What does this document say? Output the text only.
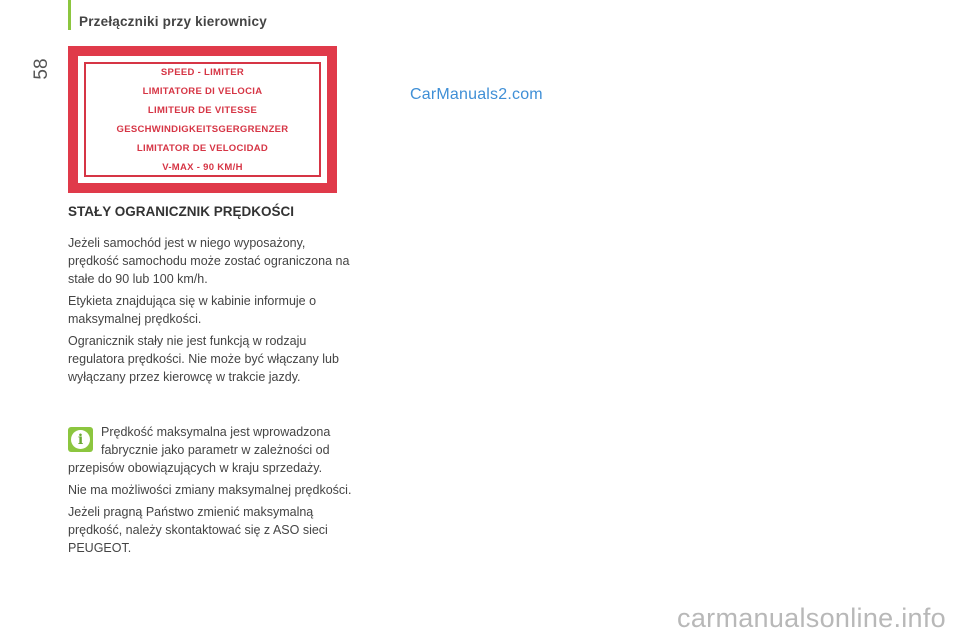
58
Przełączniki przy kierownicy
SPEED - LIMITER
LIMITATORE DI VELOCIA
LIMITEUR DE VITESSE
GESCHWINDIGKEITSGERGRENZER
LIMITATOR DE VELOCIDAD
V-MAX - 90 KM/H
CarManuals2.com
STAŁY OGRANICZNIK PRĘDKOŚCI

Jeżeli samochód jest w niego wyposażony, prędkość samochodu może zostać ograniczona na stałe do 90 lub 100 km/h.

Etykieta znajdująca się w kabinie informuje o maksymalnej prędkości.

Ogranicznik stały nie jest funkcją w rodzaju regulatora prędkości. Nie może być włączany lub wyłączany przez kierowcę w trakcie jazdy.

i	Prędkość maksymalna jest wprowadzona fabrycznie jako parametr w zależności od przepisów obowiązujących w kraju sprzedaży.

Nie ma możliwości zmiany maksymalnej prędkości.

Jeżeli pragną Państwo zmienić maksymalną prędkość, należy skontaktować się z ASO sieci PEUGEOT.

carmanualsonline.info
